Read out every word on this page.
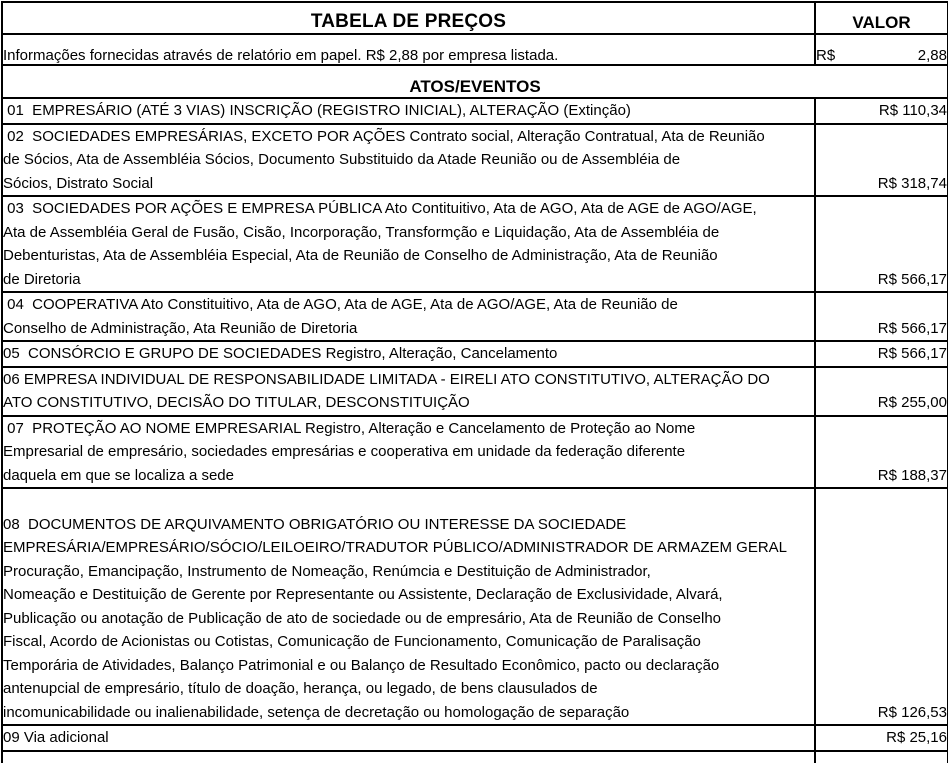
TABELA DE PREÇOS	VALOR
Informações fornecidas através de relatório em papel. R$ 2,88 por empresa listada.	R$ 2,88

ATOS/EVENTOS	

01  EMPRESÁRIO (ATÉ 3 VIAS) INSCRIÇÃO (REGISTRO INICIAL), ALTERAÇÃO (Extinção)	R$ 110,34

02  SOCIEDADES EMPRESÁRIAS, EXCETO POR AÇÕES Contrato social, Alteração Contratual, Ata de Reunião
de Sócios, Ata de Assembléia Sócios, Documento Substituido da Atade Reunião ou de Assembléia de
Sócios, Distrato Social	R$ 318,74

03  SOCIEDADES POR AÇÕES E EMPRESA PÚBLICA Ato Contituitivo, Ata de AGO, Ata de AGE de AGO/AGE,
Ata de Assembléia Geral de Fusão, Cisão, Incorporação, Transformção e Liquidação, Ata de Assembléia de
Debenturistas, Ata de Assembléia Especial, Ata de Reunião de Conselho de Administração, Ata de Reunião
de Diretoria	R$ 566,17

04  COOPERATIVA Ato Constituitivo, Ata de AGO, Ata de AGE, Ata de AGO/AGE, Ata de Reunião de
Conselho de Administração, Ata Reunião de Diretoria	R$ 566,17

05  CONSÓRCIO E GRUPO DE SOCIEDADES Registro, Alteração, Cancelamento	R$ 566,17

06 EMPRESA INDIVIDUAL DE RESPONSABILIDADE LIMITADA - EIRELI ATO CONSTITUTIVO, ALTERAÇÃO DO
ATO CONSTITUTIVO, DECISÃO DO TITULAR, DESCONSTITUIÇÃO	R$ 255,00

07  PROTEÇÃO AO NOME EMPRESARIAL Registro, Alteração e Cancelamento de Proteção ao Nome
Empresarial de empresário, sociedades empresárias e cooperativa em unidade da federação diferente
daquela em que se localiza a sede	R$ 188,37

08  DOCUMENTOS DE ARQUIVAMENTO OBRIGATÓRIO OU INTERESSE DA SOCIEDADE
EMPRESÁRIA/EMPRESÁRIO/SÓCIO/LEILOEIRO/TRADUTOR PÚBLICO/ADMINISTRADOR DE ARMAZEM GERAL
Procuração, Emancipação, Instrumento de Nomeação, Renúmcia e Destituição de Administrador,
Nomeação e Destituição de Gerente por Representante ou Assistente, Declaração de Exclusividade, Alvará,
Publicação ou anotação de Publicação de ato de sociedade ou de empresário, Ata de Reunião de Conselho
Fiscal, Acordo de Acionistas ou Cotistas, Comunicação de Funcionamento, Comunicação de Paralisação
Temporária de Atividades, Balanço Patrimonial e ou Balanço de Resultado Econômico, pacto ou declaração
antenupcial de empresário, título de doação, herança, ou legado, de bens clausulados de
incomunicabilidade ou inalienabilidade, setença de decretação ou homologação de separação	R$ 126,53

09 Via adicional	R$ 25,16
